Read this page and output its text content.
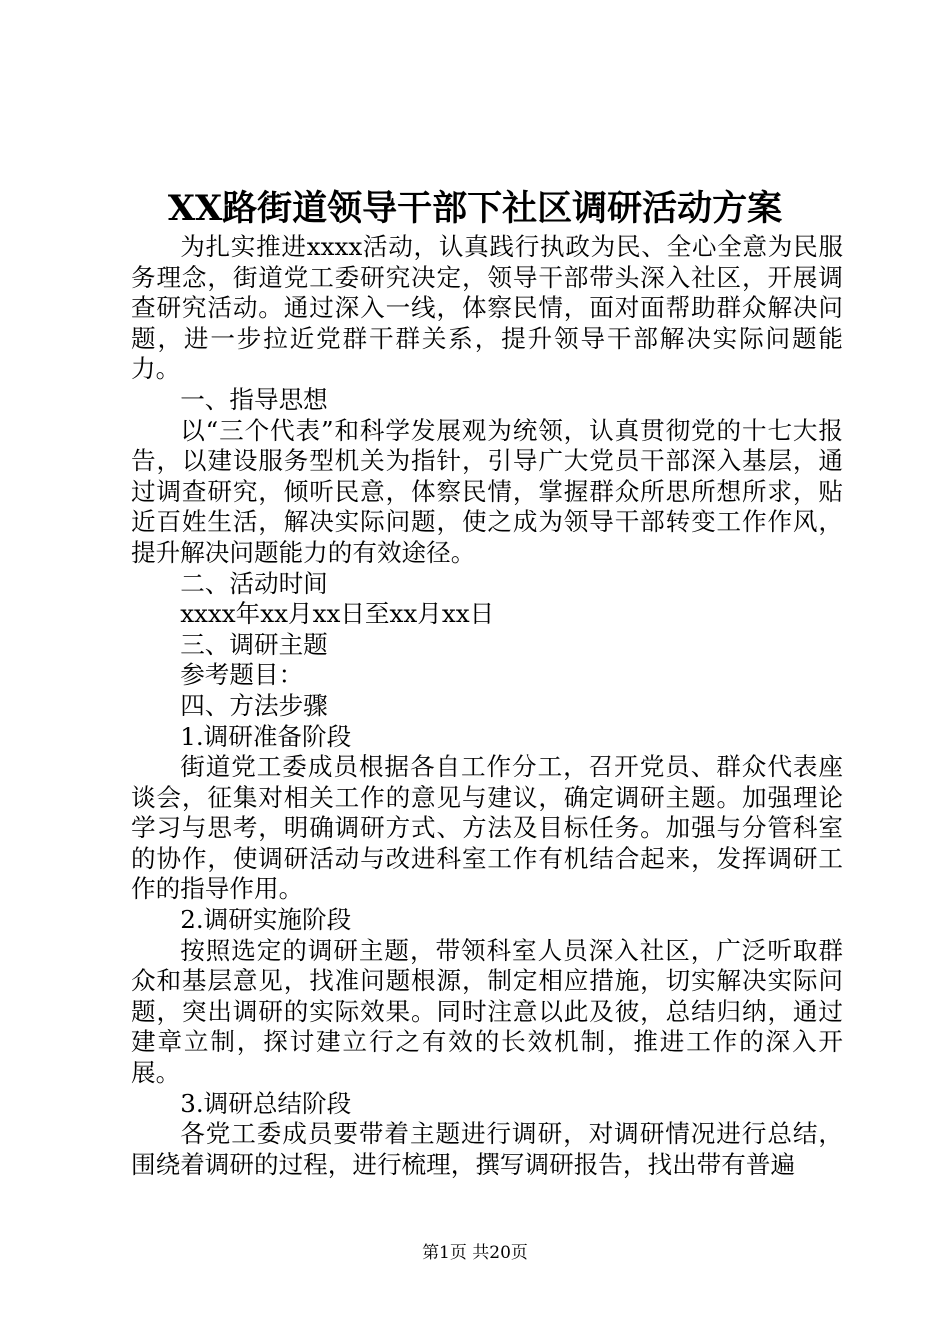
XX路街道领导干部下社区调研活动方案

为扎实推进xxxx活动，认真践行执政为民、全心全意为民服务理念，街道党工委研究决定，领导干部带头深入社区，开展调查研究活动。通过深入一线，体察民情，面对面帮助群众解决问题，进一步拉近党群干群关系，提升领导干部解决实际问题能力。

一、指导思想

以“三个代表”和科学发展观为统领，认真贯彻党的十七大报告，以建设服务型机关为指针，引导广大党员干部深入基层，通过调查研究，倾听民意，体察民情，掌握群众所思所想所求，贴近百姓生活，解决实际问题，使之成为领导干部转变工作作风，提升解决问题能力的有效途径。

二、活动时间

xxxx年xx月xx日至xx月xx日

三、调研主题

参考题目：

四、方法步骤

1.调研准备阶段

街道党工委成员根据各自工作分工，召开党员、群众代表座谈会，征集对相关工作的意见与建议，确定调研主题。加强理论学习与思考，明确调研方式、方法及目标任务。加强与分管科室的协作，使调研活动与改进科室工作有机结合起来，发挥调研工作的指导作用。

2.调研实施阶段

按照选定的调研主题，带领科室人员深入社区，广泛听取群众和基层意见，找准问题根源，制定相应措施，切实解决实际问题，突出调研的实际效果。同时注意以此及彼，总结归纳，通过建章立制，探讨建立行之有效的长效机制，推进工作的深入开展。

3.调研总结阶段

各党工委成员要带着主题进行调研，对调研情况进行总结，围绕着调研的过程，进行梳理，撰写调研报告，找出带有普遍

第1页 共20页
